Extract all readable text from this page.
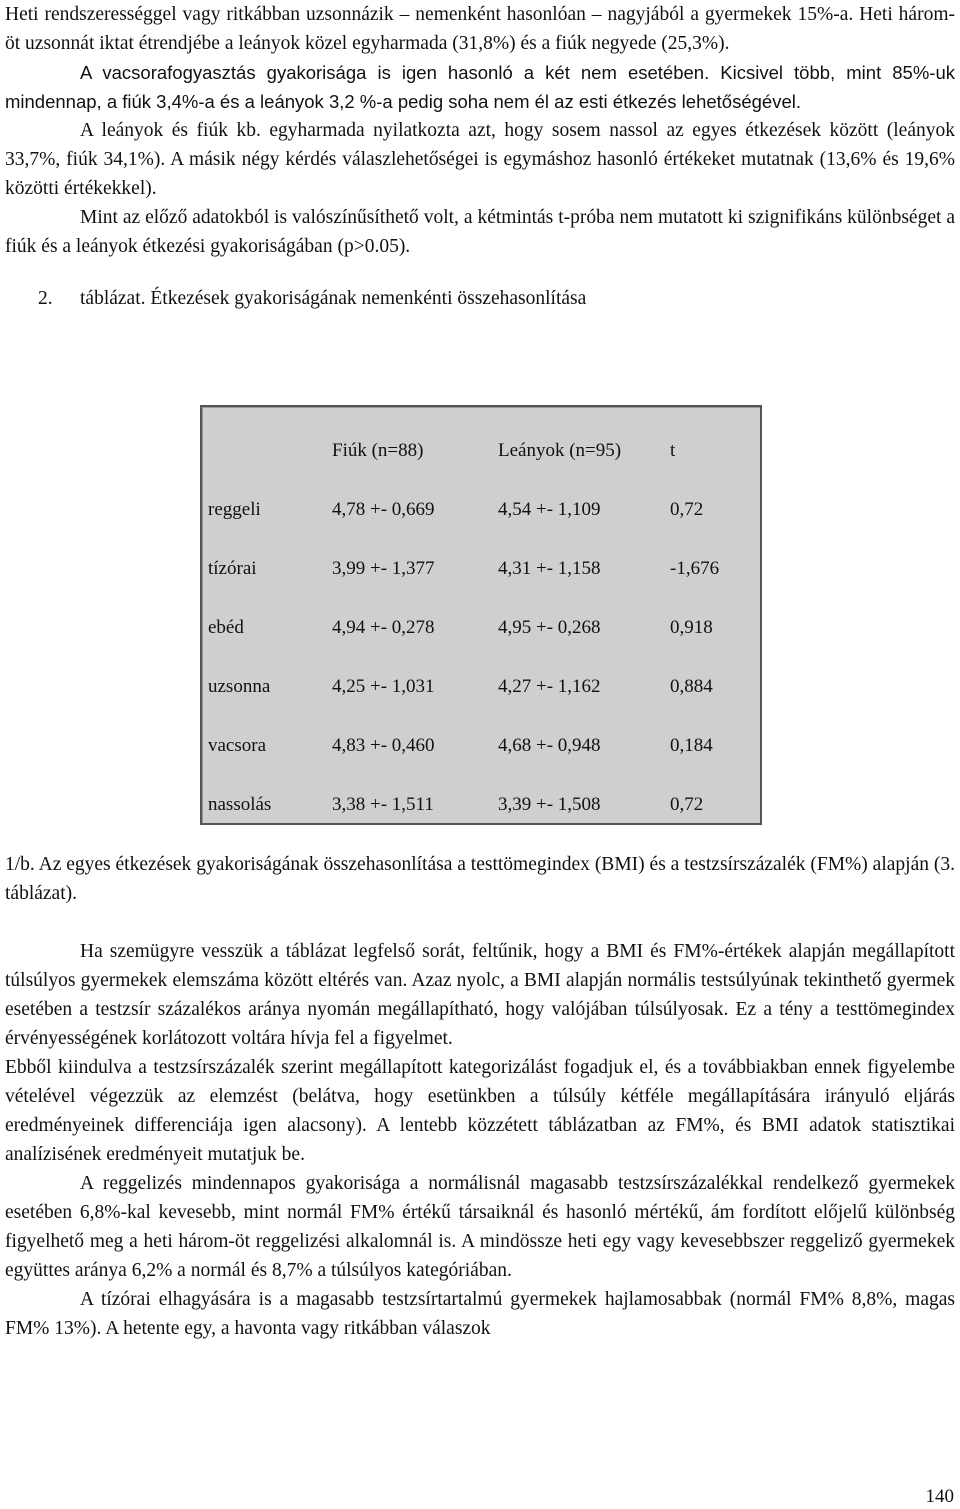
Heti rendszerességgel vagy ritkábban uzsonnázik – nemenként hasonlóan – nagyjából a gyermekek 15%-a. Heti három-öt uzsonnát iktat étrendjébe a leányok közel egyharmada (31,8%) és a fiúk negyede (25,3%).

A vacsorafogyasztás gyakorisága is igen hasonló a két nem esetében. Kicsivel több, mint 85%-uk mindennap, a fiúk 3,4%-a és a leányok 3,2 %-a pedig soha nem él az esti étkezés lehetőségével.

A leányok és fiúk kb. egyharmada nyilatkozta azt, hogy sosem nassol az egyes étkezések között (leányok 33,7%, fiúk 34,1%). A másik négy kérdés válaszlehetőségei is egymáshoz hasonló értékeket mutatnak (13,6% és 19,6% közötti értékekkel).

Mint az előző adatokból is valószínűsíthető volt, a kétmintás t-próba nem mutatott ki szignifikáns különbséget a fiúk és a leányok étkezési gyakoriságában (p>0.05).

2. táblázat. Étkezések gyakoriságának nemenkénti összehasonlítása

	Fiúk (n=88)	Leányok (n=95)	t
reggeli	4,78 +- 0,669	4,54 +- 1,109	0,72
tízórai	3,99 +- 1,377	4,31 +- 1,158	-1,676
ebéd	4,94 +- 0,278	4,95 +- 0,268	0,918
uzsonna	4,25 +- 1,031	4,27 +- 1,162	0,884
vacsora	4,83 +- 0,460	4,68 +- 0,948	0,184
nassolás	3,38 +- 1,511	3,39 +- 1,508	0,72

1/b. Az egyes étkezések gyakoriságának összehasonlítása a testtömegindex (BMI) és a testzsírszázalék (FM%) alapján (3. táblázat).

Ha szemügyre vesszük a táblázat legfelső sorát, feltűnik, hogy a BMI és FM%-értékek alapján megállapított túlsúlyos gyermekek elemszáma között eltérés van. Azaz nyolc, a BMI alapján normális testsúlyúnak tekinthető gyermek esetében a testzsír százalékos aránya nyomán megállapítható, hogy valójában túlsúlyosak. Ez a tény a testtömegindex érvényességének korlátozott voltára hívja fel a figyelmet.

Ebből kiindulva a testzsírszázalék szerint megállapított kategorizálást fogadjuk el, és a továbbiakban ennek figyelembe vételével végezzük az elemzést (belátva, hogy esetünkben a túlsúly kétféle megállapítására irányuló eljárás eredményeinek differenciája igen alacsony). A lentebb közzétett táblázatban az FM%, és BMI adatok statisztikai analízisének eredményeit mutatjuk be.

A reggelizés mindennapos gyakorisága a normálisnál magasabb testzsírszázalékkal rendelkező gyermekek esetében 6,8%-kal kevesebb, mint normál FM% értékű társaiknál és hasonló mértékű, ám fordított előjelű különbség figyelhető meg a heti három-öt reggelizési alkalomnál is. A mindössze heti egy vagy kevesebbszer reggeliző gyermekek együttes aránya 6,2% a normál és 8,7% a túlsúlyos kategóriában.

A tízórai elhagyására is a magasabb testzsírtartalmú gyermekek hajlamosabbak (normál FM% 8,8%, magas FM% 13%). A hetente egy, a havonta vagy ritkábban válaszok

140
